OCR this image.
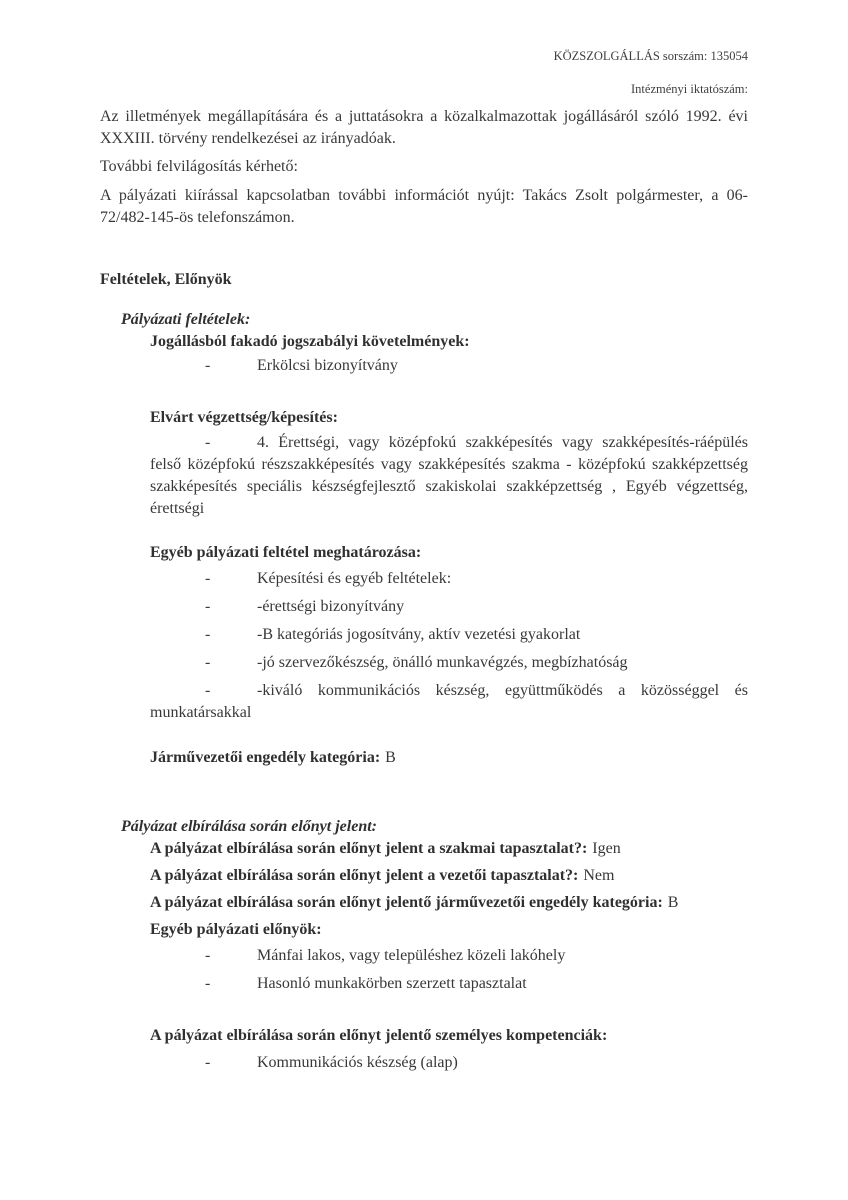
KÖZSZOLGÁLLÁS sorszám: 135054

Intézményi iktatószám:

Az illetmények megállapítására és a juttatásokra a közalkalmazottak jogállásáról szóló 1992. évi XXXIII. törvény rendelkezései az irányadóak.

További felvilágosítás kérhető:

A pályázati kiírással kapcsolatban további információt nyújt: Takács Zsolt polgármester, a 06-72/482-145-ös telefonszámon.

Feltételek, Előnyök
Pályázati feltételek:
Jogállásból fakadó jogszabályi követelmények:

-	Erkölcsi bizonyítvány

Elvárt végzettség/képesítés:

-	4. Érettségi, vagy középfokú szakképesítés vagy szakképesítés-ráépülés felső középfokú részszakképesítés vagy szakképesítés szakma - középfokú szakképzettség szakképesítés speciális készségfejlesztő szakiskolai szakképzettség , Egyéb végzettség, érettségi

Egyéb pályázati feltétel meghatározása:

-	Képesítési és egyéb feltételek:

-	-érettségi bizonyítvány

-	-B kategóriás jogosítvány, aktív vezetési gyakorlat

-	-jó szervezőkészség, önálló munkavégzés, megbízhatóság

-	-kiváló kommunikációs készség, együttműködés a közösséggel és munkatársakkal

Járművezetői engedély kategória: B

Pályázat elbírálása során előnyt jelent:

A pályázat elbírálása során előnyt jelent a szakmai tapasztalat?: Igen

A pályázat elbírálása során előnyt jelent a vezetői tapasztalat?: Nem

A pályázat elbírálása során előnyt jelentő járművezetői engedély kategória: B

Egyéb pályázati előnyök:

-	Mánfai lakos, vagy településhez közeli lakóhely

-	Hasonló munkakörben szerzett tapasztalat

A pályázat elbírálása során előnyt jelentő személyes kompetenciák:

-	Kommunikációs készség (alap)
